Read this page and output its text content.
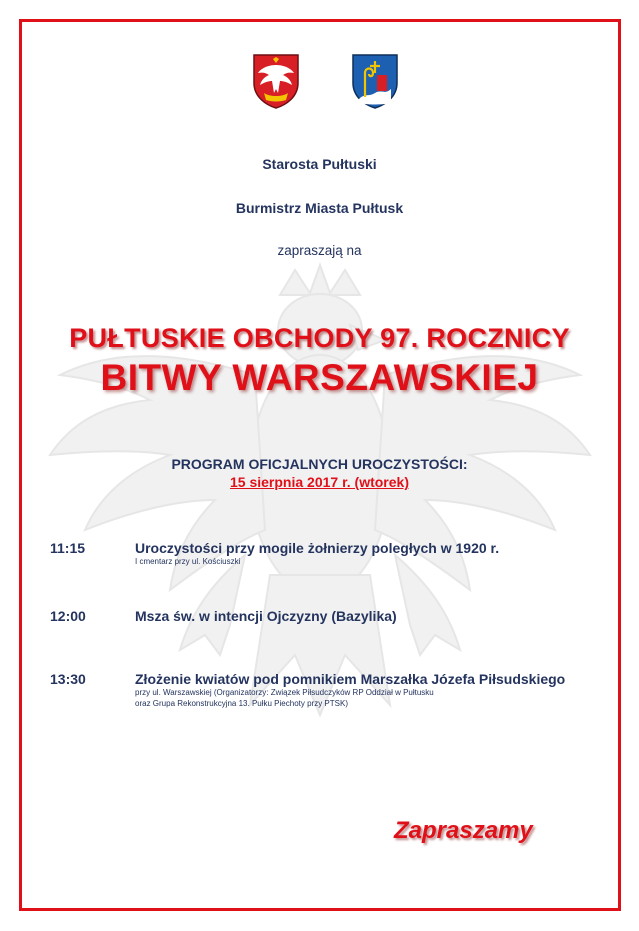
Starosta Pułtuski
Burmistrz Miasta Pułtusk
zapraszają na
PUŁTUSKIE OBCHODY 97. ROCZNICY
BITWY WARSZAWSKIEJ
PROGRAM OFICJALNYCH UROCZYSTOŚCI:
15 sierpnia 2017 r. (wtorek)
11:15	Uroczystości przy mogile żołnierzy poległych w 1920 r.
I cmentarz przy ul. Kościuszki
12:00	Msza św. w intencji Ojczyzny (Bazylika)
13:30	Złożenie kwiatów pod pomnikiem Marszałka Józefa Piłsudskiego
przy ul. Warszawskiej (Organizatorzy: Związek Piłsudczyków RP Oddział w Pułtusku
oraz Grupa Rekonstrukcyjna 13. Pułku Piechoty przy PTSK)
Zapraszamy
